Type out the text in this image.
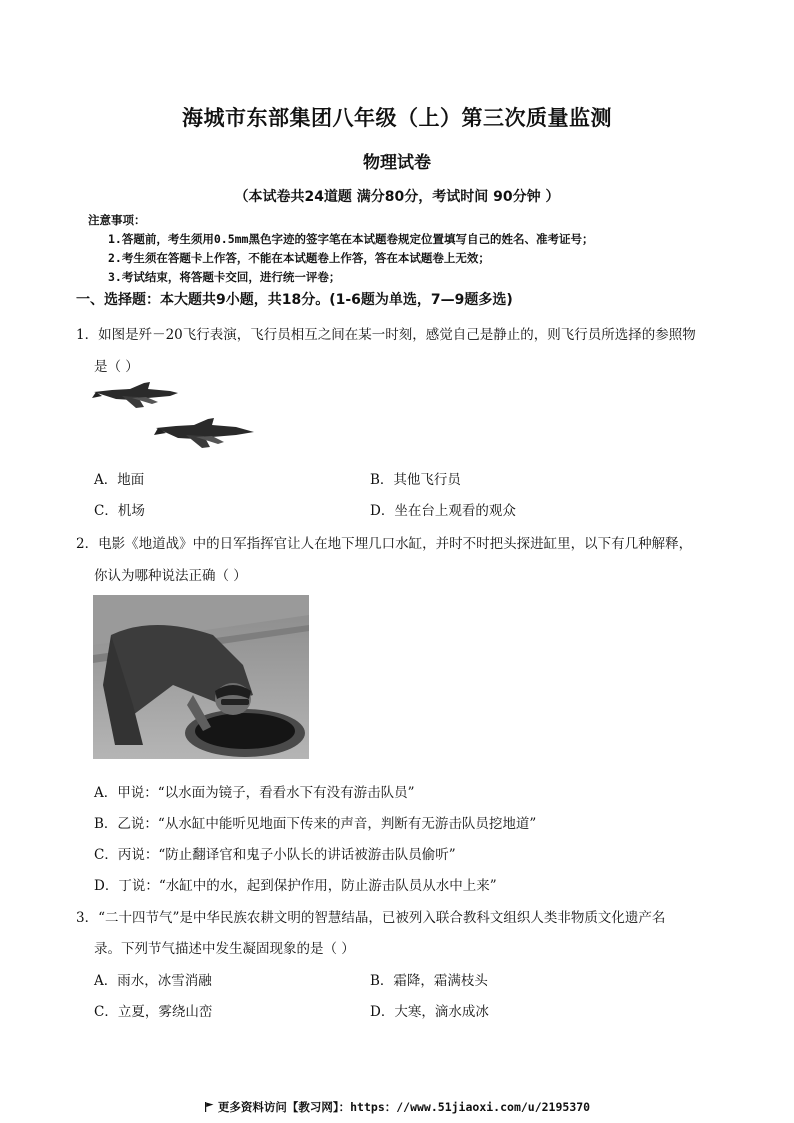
海城市东部集团八年级（上）第三次质量监测
物理试卷
（本试卷共24道题 满分80分，考试时间 90分钟 ）
注意事项：
1.答题前，考生须用0.5mm黑色字迹的签字笔在本试题卷规定位置填写自己的姓名、准考证号；
2.考生须在答题卡上作答，不能在本试题卷上作答，答在本试题卷上无效；
3.考试结束，将答题卡交回，进行统一评卷；
一、选择题：本大题共9小题，共18分。(1-6题为单选，7—9题多选)
1．如图是歼－20飞行表演，飞行员相互之间在某一时刻，感觉自己是静止的，则飞行员所选择的参照物
是（ ）
A．地面	B．其他飞行员
C．机场	D．坐在台上观看的观众
2．电影《地道战》中的日军指挥官让人在地下埋几口水缸，并时不时把头探进缸里，以下有几种解释，
你认为哪种说法正确（ ）
A．甲说：“以水面为镜子，看看水下有没有游击队员”
B．乙说：“从水缸中能听见地面下传来的声音，判断有无游击队员挖地道”
C．丙说：“防止翻译官和鬼子小队长的讲话被游击队员偷听”
D．丁说：“水缸中的水，起到保护作用，防止游击队员从水中上来”
3．“二十四节气”是中华民族农耕文明的智慧结晶，已被列入联合教科文组织人类非物质文化遗产名
录。下列节气描述中发生凝固现象的是（ ）
A．雨水，冰雪消融	B．霜降，霜满枝头
C．立夏，雾绕山峦	D．大寒，滴水成冰
更多资料访问【教习网】：https：//www.51jiaoxi.com/u/2195370
